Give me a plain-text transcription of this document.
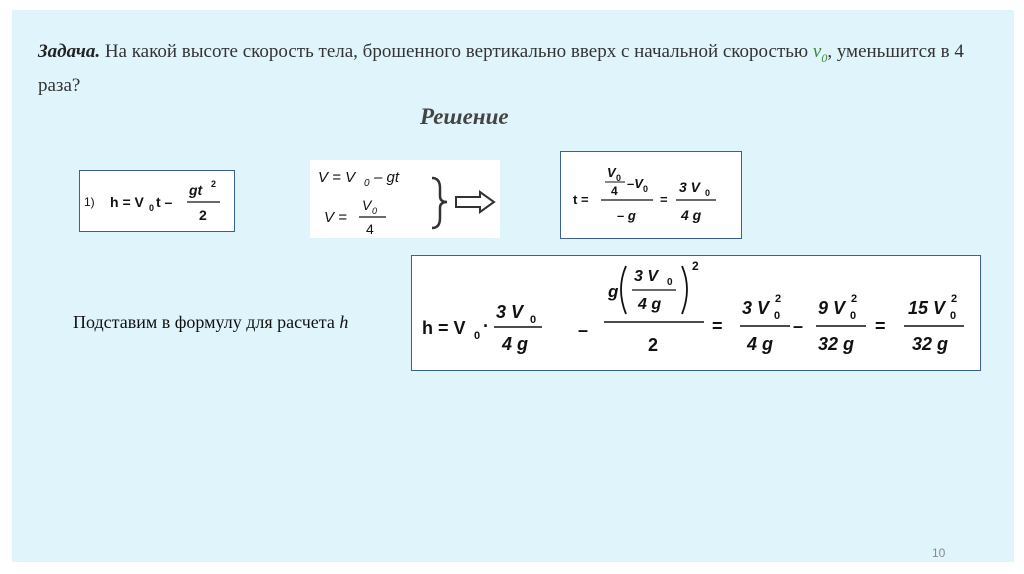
Задача. На какой высоте скорость тела, брошенного вертикально вверх с начальной скоростью $v_0$, уменьшится в 4 раза?
Решение
1) h = V 0 t –
gt 2
2
V = V 0 – gt
V =
V 0
4
t =
V 0
4 –V 0
– g
=
3 V 0
4 g
Подставим в формулу для расчета h	h = V 0 ·
3 V 0
4 g
–
g
3 V 0
4 g
2
2
=
3 V 0
2
4 g
–
9 V 0
2
32 g
=
15 V 0
2
32 g
10
